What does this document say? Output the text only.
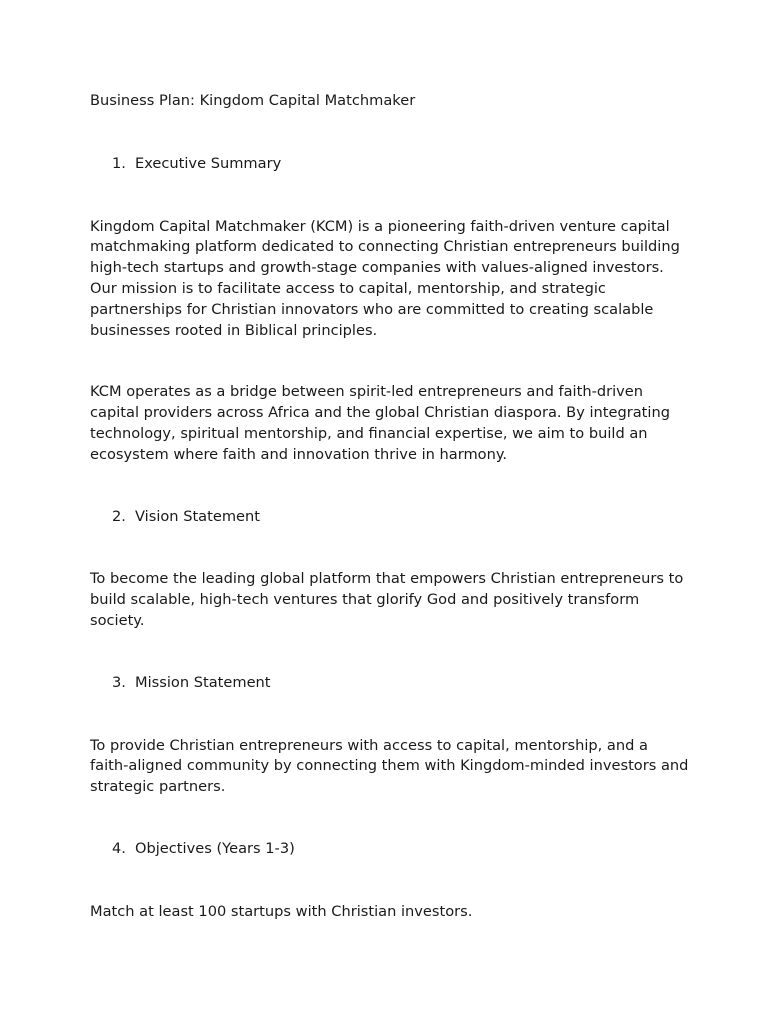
Business Plan: Kingdom Capital Matchmaker

1. Executive Summary

Kingdom Capital Matchmaker (KCM) is a pioneering faith-driven venture capital matchmaking platform dedicated to connecting Christian entrepreneurs building high-tech startups and growth-stage companies with values-aligned investors. Our mission is to facilitate access to capital, mentorship, and strategic partnerships for Christian innovators who are committed to creating scalable businesses rooted in Biblical principles.

KCM operates as a bridge between spirit-led entrepreneurs and faith-driven capital providers across Africa and the global Christian diaspora. By integrating technology, spiritual mentorship, and financial expertise, we aim to build an ecosystem where faith and innovation thrive in harmony.

2. Vision Statement

To become the leading global platform that empowers Christian entrepreneurs to build scalable, high-tech ventures that glorify God and positively transform society.

3. Mission Statement

To provide Christian entrepreneurs with access to capital, mentorship, and a faith-aligned community by connecting them with Kingdom-minded investors and strategic partners.

4. Objectives (Years 1-3)

Match at least 100 startups with Christian investors.
